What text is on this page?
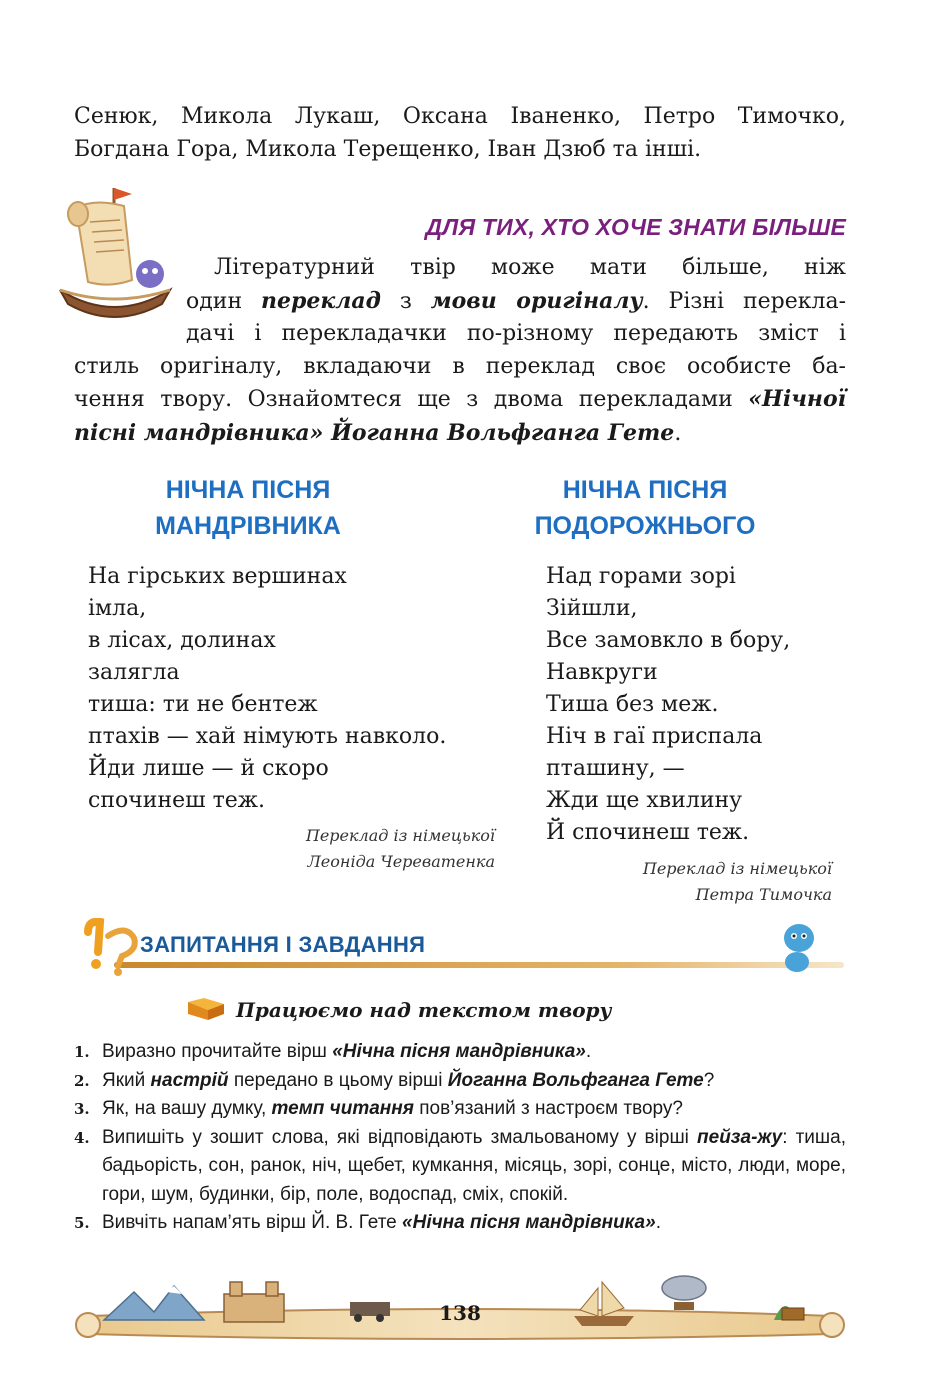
Сенюк, Микола Лукаш, Оксана Іваненко, Петро Тимочко,

Богдана Гора, Микола Терещенко, Іван Дзюб та інші.

ДЛЯ ТИХ, ХТО ХОЧЕ ЗНАТИ БІЛЬШЕ
Літературний твір може мати більше, ніж
один переклад з мови оригіналу. Різні перекла-
дачі і перекладачки по-різному передають зміст і
стиль оригіналу, вкладаючи в переклад своє особисте ба-
чення твору. Ознайомтеся ще з двома перекладами «Нічної
пісні мандрівника» Йоганна Вольфганга Гете.
НІЧНА ПІСНЯ
МАНДРІВНИКА
На гірських вершинах
імла,
в лісах, долинах
залягла
тиша: ти не бентеж
птахів — хай німують навколо.
Йди лише — й скоро
спочинеш теж.
Переклад із німецької
Леоніда Череватенка
НІЧНА ПІСНЯ
ПОДОРОЖНЬОГО
Над горами зорі
Зійшли,
Все замовкло в бору,
Навкруги
Тиша без меж.
Ніч в гаї приспала
пташину, —
Жди ще хвилину
Й спочинеш теж.
Переклад із німецької
Петра Тимочка
ЗАПИТАННЯ І ЗАВДАННЯ
Працюємо над текстом твору
1. Виразно прочитайте вірш «Нічна пісня мандрівника».
2. Який настрій передано в цьому вірші Йоганна Вольфганга Гете?
3. Як, на вашу думку, темп читання пов’язаний з настроєм твору?
4. Випишіть у зошит слова, які відповідають змальованому у вірші пейза-жу: тиша, бадьорість, сон, ранок, ніч, щебет, кумкання, місяць, зорі, сонце, місто, люди, море, гори, шум, будинки, бір, поле, водоспад, сміх, спокій.
5. Вивчіть напам’ять вірш Й. В. Гете «Нічна пісня мандрівника».
138
